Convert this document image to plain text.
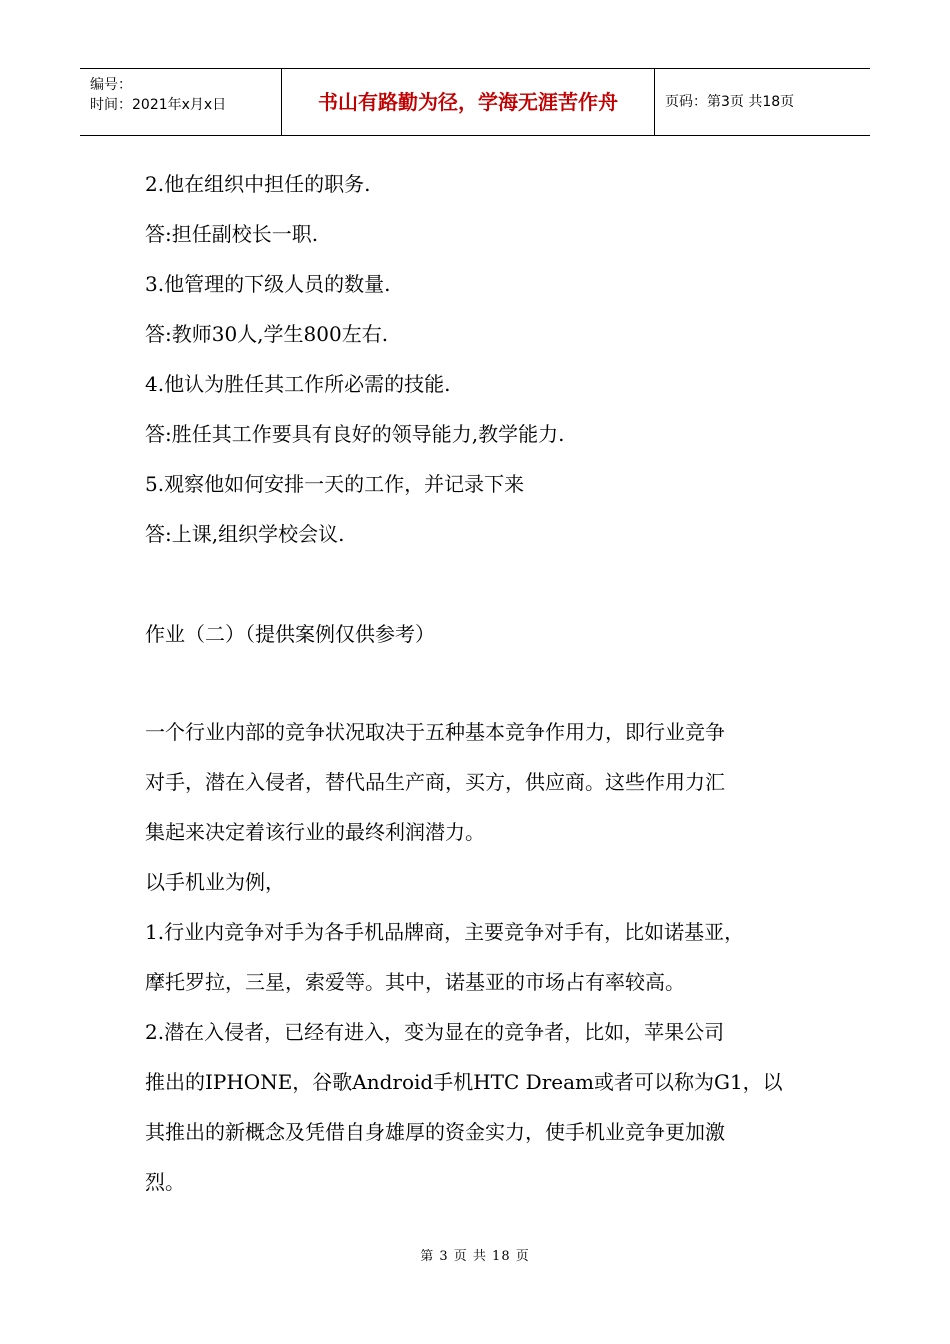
编号：
时间：2021年x月x日	书山有路勤为径，学海无涯苦作舟	页码：第3页 共18页
2.他在组织中担任的职务.
答:担任副校长一职.
3.他管理的下级人员的数量.
答:教师30人,学生800左右.
4.他认为胜任其工作所必需的技能.
答:胜任其工作要具有良好的领导能力,教学能力.
5.观察他如何安排一天的工作，并记录下来
答:上课,组织学校会议.
作业（二）（提供案例仅供参考）
一个行业内部的竞争状况取决于五种基本竞争作用力，即行业竞争
对手，潜在入侵者，替代品生产商，买方，供应商。这些作用力汇
集起来决定着该行业的最终利润潜力。
以手机业为例，
1.行业内竞争对手为各手机品牌商，主要竞争对手有，比如诺基亚，
摩托罗拉，三星，索爱等。其中，诺基亚的市场占有率较高。
2.潜在入侵者，已经有进入，变为显在的竞争者，比如，苹果公司
推出的IPHONE，谷歌Android手机HTC Dream或者可以称为G1，以
其推出的新概念及凭借自身雄厚的资金实力，使手机业竞争更加激
烈。
第 3 页 共 18 页
